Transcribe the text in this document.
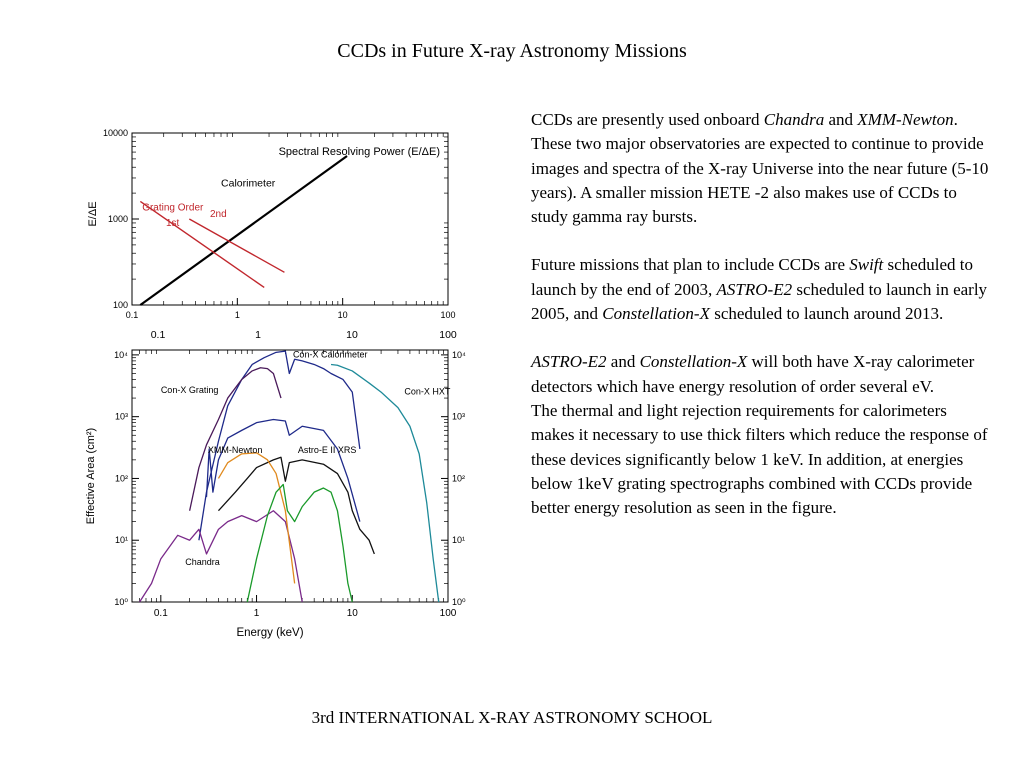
CCDs in Future X-ray Astronomy Missions
100
1000
10000
0.1	1	10	100
0.1	1	10	100
E/ΔE
Spectral Resolving Power (E/ΔE)
Calorimeter
Grating Order
1st
2nd
10⁰	10⁰
10¹	10¹
10²	10²
10³	10³
10⁴	10⁴
0.1	1	10	100
Energy (keV)
Effective Area (cm²)
Con-X Calorimeter
Con-X Grating	Con-X HXT
XMM-Newton	Astro-E II XRS
Chandra

CCDs are presently used onboard Chandra and XMM-Newton. These two major observatories are expected to continue to provide images and spectra of the X-ray Universe into the near future (5-10 years). A smaller mission HETE -2 also makes use of CCDs to study gamma ray bursts.

Future missions that plan to include CCDs are Swift scheduled to launch by the end of 2003, ASTRO-E2 scheduled to launch in early 2005, and Constellation-X scheduled to launch around 2013.

ASTRO-E2 and Constellation-X will both have X-ray calorimeter detectors which have energy resolution of order several eV.

The thermal and light rejection requirements for calorimeters makes it necessary to use thick filters which reduce the response of these devices significantly below 1 keV. In addition, at energies below 1keV grating spectrographs combined with CCDs provide better energy resolution as seen in the figure.

3rd INTERNATIONAL X-RAY ASTRONOMY SCHOOL
